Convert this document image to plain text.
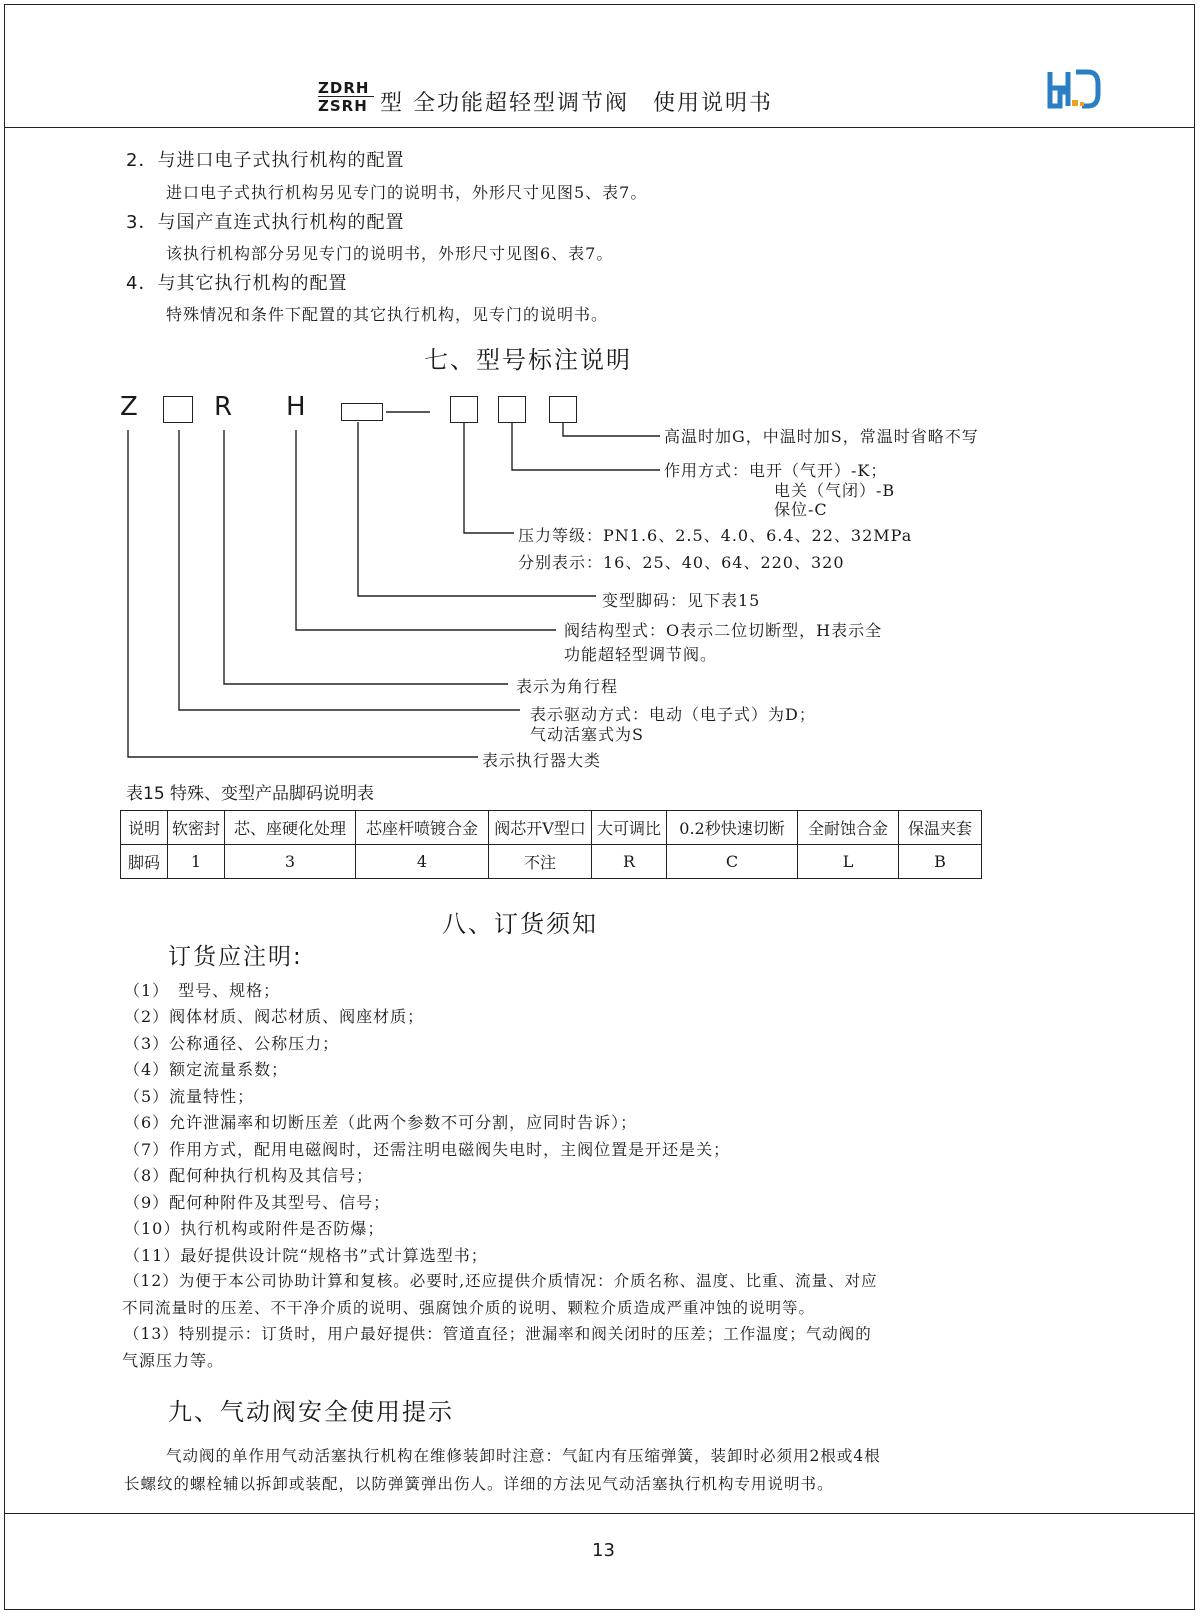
ZDRH
ZSRH 型 全功能超轻型调节阀　使用说明书
2．与进口电子式执行机构的配置
进口电子式执行机构另见专门的说明书，外形尺寸见图5、表7。
3．与国产直连式执行机构的配置
该执行机构部分另见专门的说明书，外形尺寸见图6、表7。
4．与其它执行机构的配置
特殊情况和条件下配置的其它执行机构，见专门的说明书。
七、型号标注说明
Z	R H
高温时加G，中温时加S，常温时省略不写
作用方式：电开（气开）-K；
电关（气闭）-B
保位-C
压力等级：PN1.6、2.5、4.0、6.4、22、32MPa
分别表示：16、25、40、64、220、320
变型脚码：见下表15
阀结构型式：O表示二位切断型，H表示全
功能超轻型调节阀。
表示为角行程
表示驱动方式：电动（电子式）为D；
气动活塞式为S
表示执行器大类
表15 特殊、变型产品脚码说明表
说明	软密封	芯、座硬化处理	芯座杆喷镀合金	阀芯开V型口	大可调比	0.2秒快速切断	全耐蚀合金	保温夹套
脚码	1	3	4	不注	R	C	L	B
八、订货须知
订货应注明:
（1）　型号、规格；
（2）阀体材质、阀芯材质、阀座材质；
（3）公称通径、公称压力；
（4）额定流量系数；
（5）流量特性；
（6）允许泄漏率和切断压差（此两个参数不可分割，应同时告诉）；
（7）作用方式，配用电磁阀时，还需注明电磁阀失电时，主阀位置是开还是关；
（8）配何种执行机构及其信号；
（9）配何种附件及其型号、信号；
（10）执行机构或附件是否防爆；
（11）最好提供设计院“规格书”式计算选型书；
（12）为便于本公司协助计算和复核。必要时,还应提供介质情况：介质名称、温度、比重、流量、对应
不同流量时的压差、不干净介质的说明、强腐蚀介质的说明、颗粒介质造成严重冲蚀的说明等。
（13）特别提示：订货时，用户最好提供：管道直径；泄漏率和阀关闭时的压差；工作温度；气动阀的
气源压力等。
九、气动阀安全使用提示
气动阀的单作用气动活塞执行机构在维修装卸时注意：气缸内有压缩弹簧，装卸时必须用2根或4根
长螺纹的螺栓辅以拆卸或装配，以防弹簧弹出伤人。详细的方法见气动活塞执行机构专用说明书。
13
